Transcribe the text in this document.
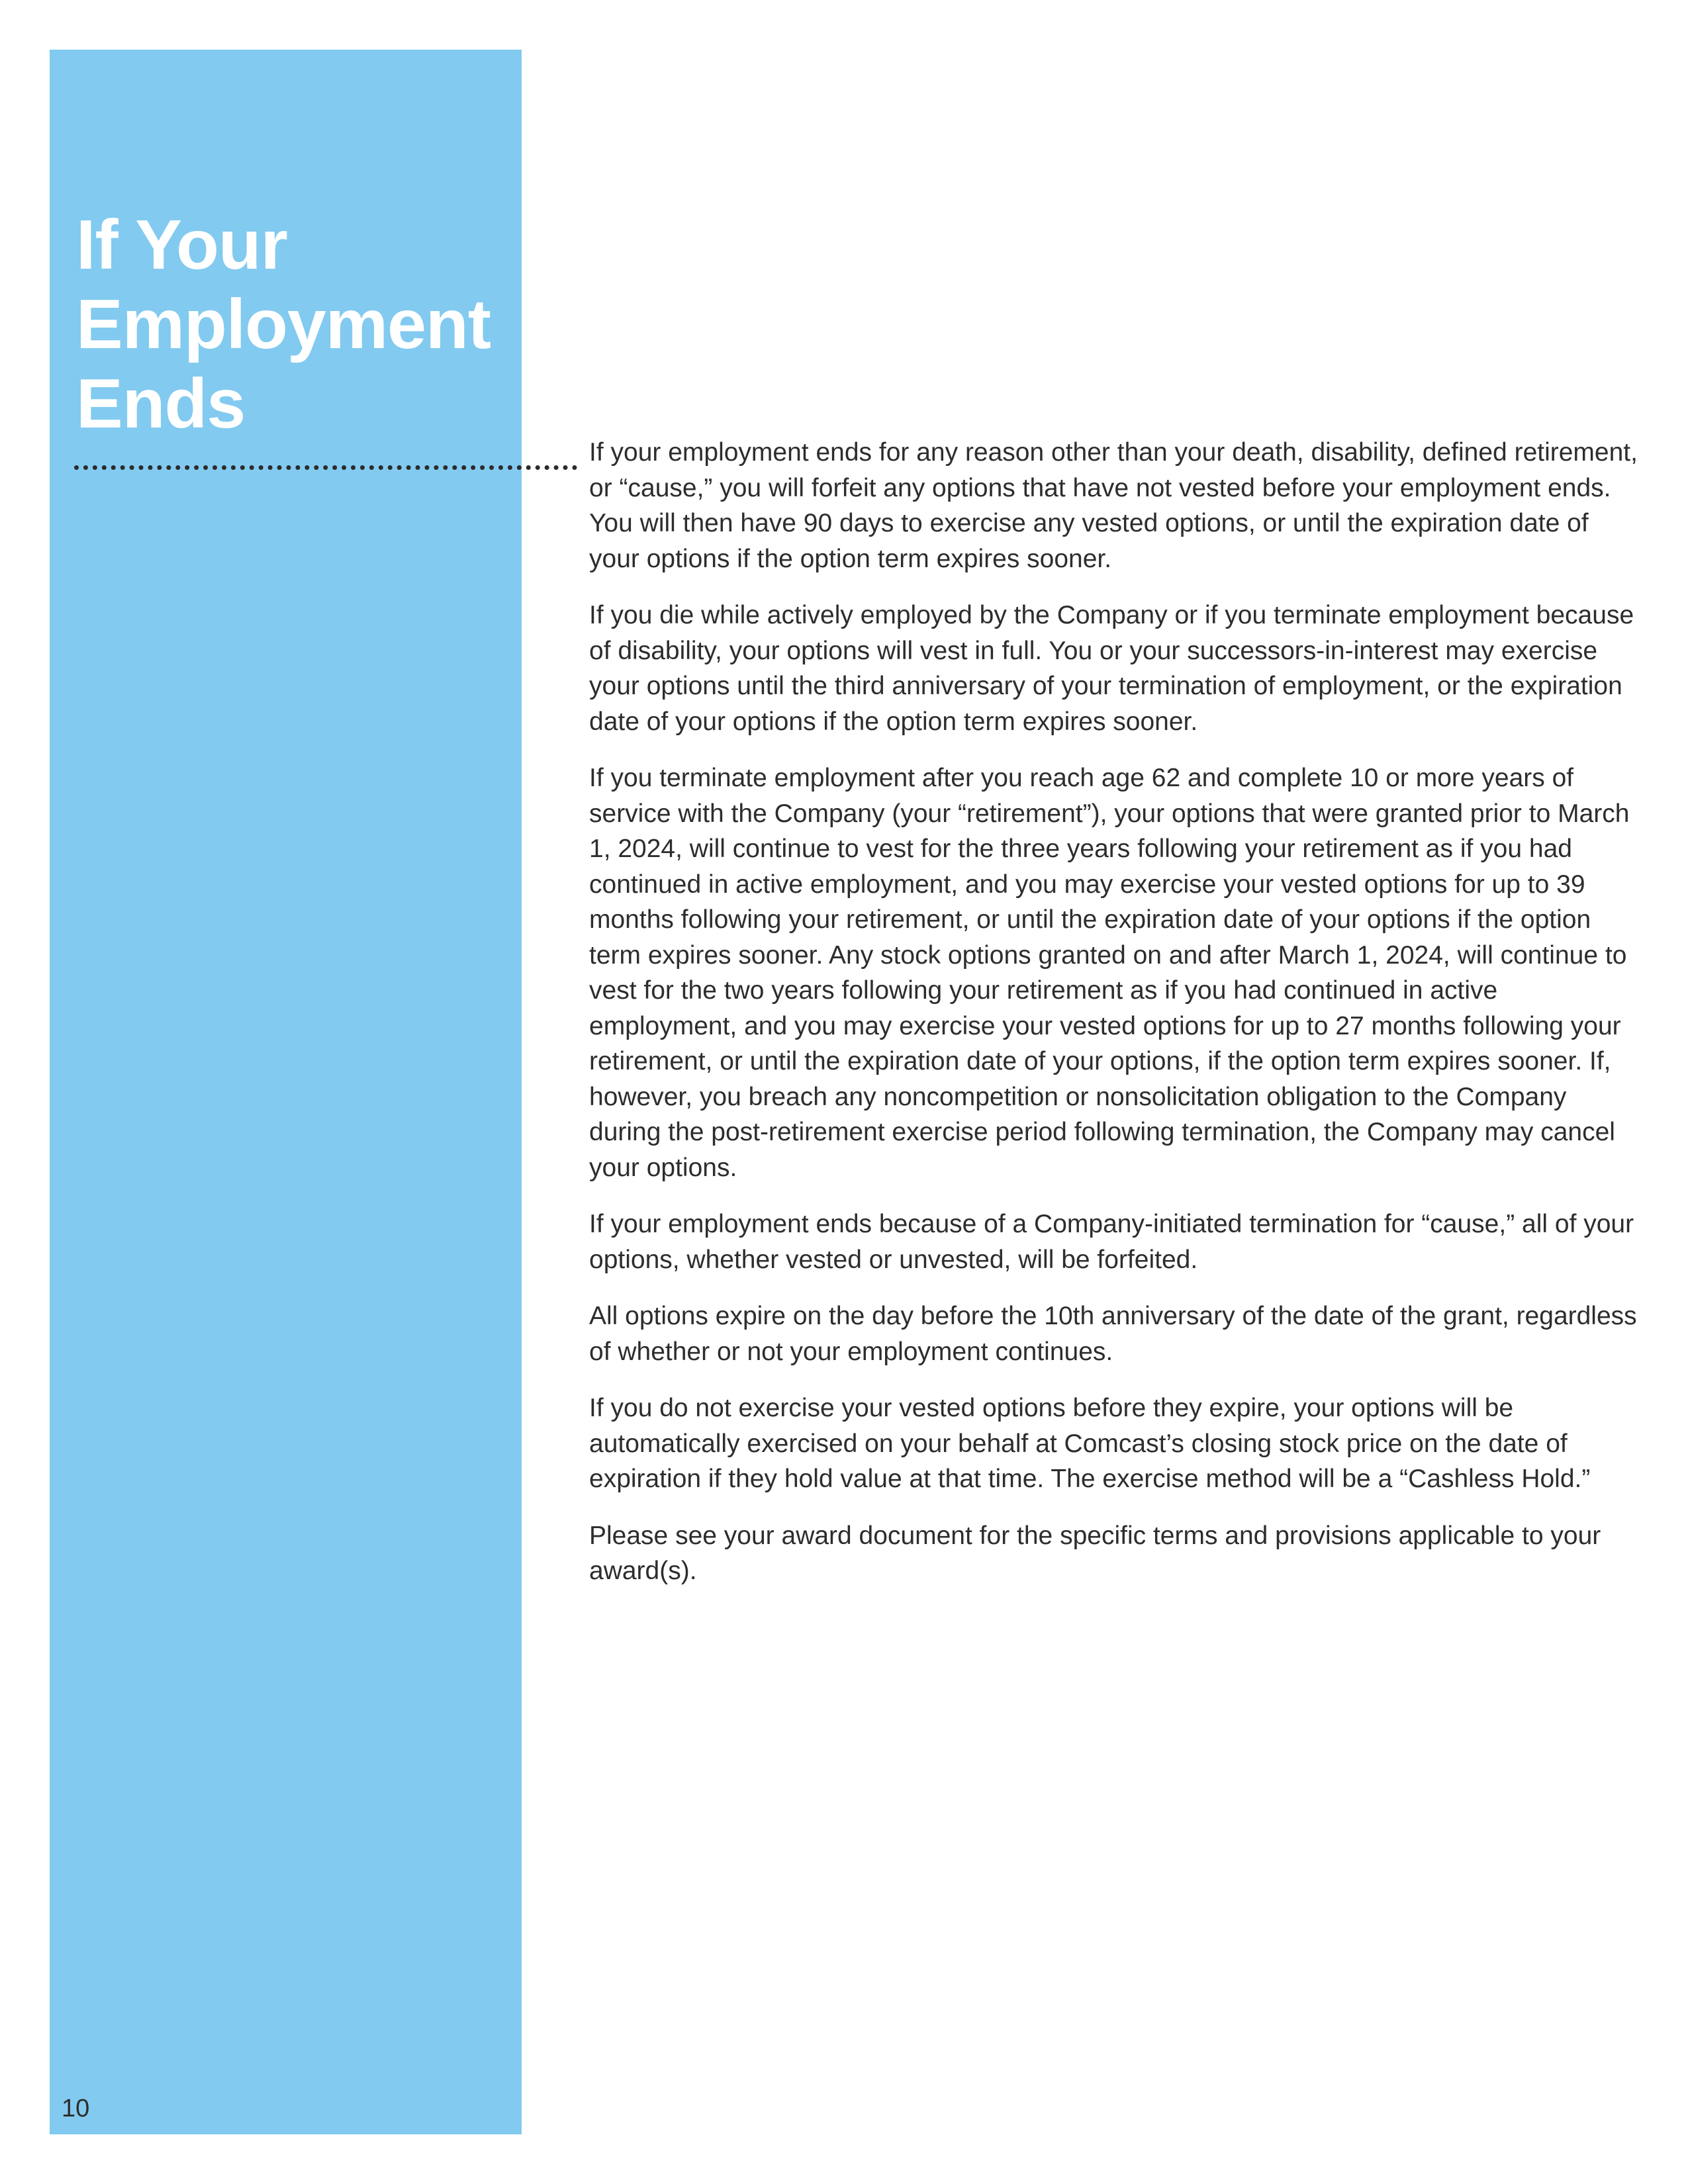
If Your
Employment
Ends

If your employment ends for any reason other than your death, disability, defined retirement, or “cause,” you will forfeit any options that have not vested before your employment ends. You will then have 90 days to exercise any vested options, or until the expiration date of your options if the option term expires sooner.

If you die while actively employed by the Company or if you terminate employment because of disability, your options will vest in full. You or your successors-in-interest may exercise your options until the third anniversary of your termination of employment, or the expiration date of your options if the option term expires sooner.

If you terminate employment after you reach age 62 and complete 10 or more years of service with the Company (your “retirement”), your options that were granted prior to March 1, 2024, will continue to vest for the three years following your retirement as if you had continued in active employment, and you may exercise your vested options for up to 39 months following your retirement, or until the expiration date of your options if the option term expires sooner. Any stock options granted on and after March 1, 2024, will continue to vest for the two years following your retirement as if you had continued in active employment, and you may exercise your vested options for up to 27 months following your retirement, or until the expiration date of your options, if the option term expires sooner. If, however, you breach any noncompetition or nonsolicitation obligation to the Company during the post-retirement exercise period following termination, the Company may cancel your options.

If your employment ends because of a Company-initiated termination for “cause,” all of your options, whether vested or unvested, will be forfeited.

All options expire on the day before the 10th anniversary of the date of the grant, regardless of whether or not your employment continues.

If you do not exercise your vested options before they expire, your options will be automatically exercised on your behalf at Comcast’s closing stock price on the date of expiration if they hold value at that time. The exercise method will be a “Cashless Hold.”

Please see your award document for the specific terms and provisions applicable to your award(s).

10
